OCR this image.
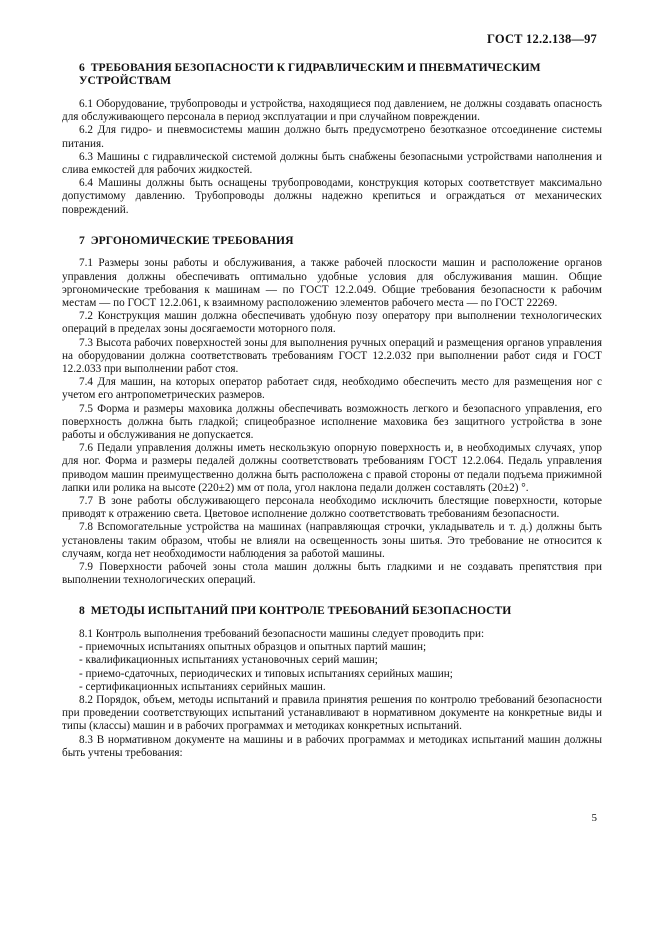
ГОСТ 12.2.138—97
6 ТРЕБОВАНИЯ БЕЗОПАСНОСТИ К ГИДРАВЛИЧЕСКИМ И ПНЕВМАТИЧЕСКИМ УСТРОЙСТВАМ

6.1 Оборудование, трубопроводы и устройства, находящиеся под давлением, не должны создавать опасность для обслуживающего персонала в период эксплуатации и при случайном повреждении.

6.2 Для гидро- и пневмосистемы машин должно быть предусмотрено безотказное отсоединение системы питания.

6.3 Машины с гидравлической системой должны быть снабжены безопасными устройствами наполнения и слива емкостей для рабочих жидкостей.

6.4 Машины должны быть оснащены трубопроводами, конструкция которых соответствует максимально допустимому давлению. Трубопроводы должны надежно крепиться и ограждаться от механических повреждений.

7 ЭРГОНОМИЧЕСКИЕ ТРЕБОВАНИЯ

7.1 Размеры зоны работы и обслуживания, а также рабочей плоскости машин и расположение органов управления должны обеспечивать оптимально удобные условия для обслуживания машин. Общие эргономические требования к машинам — по ГОСТ 12.2.049. Общие требования безопасности к рабочим местам — по ГОСТ 12.2.061, к взаимному расположению элементов рабочего места — по ГОСТ 22269.

7.2 Конструкция машин должна обеспечивать удобную позу оператору при выполнении технологических операций в пределах зоны досягаемости моторного поля.

7.3 Высота рабочих поверхностей зоны для выполнения ручных операций и размещения органов управления на оборудовании должна соответствовать требованиям ГОСТ 12.2.032 при выполнении работ сидя и ГОСТ 12.2.033 при выполнении работ стоя.

7.4 Для машин, на которых оператор работает сидя, необходимо обеспечить место для размещения ног с учетом его антропометрических размеров.

7.5 Форма и размеры маховика должны обеспечивать возможность легкого и безопасного управления, его поверхность должна быть гладкой; спицеобразное исполнение маховика без защитного устройства в зоне работы и обслуживания не допускается.

7.6 Педали управления должны иметь нескользкую опорную поверхность и, в необходимых случаях, упор для ног. Форма и размеры педалей должны соответствовать требованиям ГОСТ 12.2.064. Педаль управления приводом машин преимущественно должна быть расположена с правой стороны от педали подъема прижимной лапки или ролика на высоте (220±2) мм от пола, угол наклона педали должен составлять (20±2) °.

7.7 В зоне работы обслуживающего персонала необходимо исключить блестящие поверхности, которые приводят к отражению света. Цветовое исполнение должно соответствовать требованиям безопасности.

7.8 Вспомогательные устройства на машинах (направляющая строчки, укладыватель и т. д.) должны быть установлены таким образом, чтобы не влияли на освещенность зоны шитья. Это требование не относится к случаям, когда нет необходимости наблюдения за работой машины.

7.9 Поверхности рабочей зоны стола машин должны быть гладкими и не создавать препятствия при выполнении технологических операций.

8 МЕТОДЫ ИСПЫТАНИЙ ПРИ КОНТРОЛЕ ТРЕБОВАНИЙ БЕЗОПАСНОСТИ

8.1 Контроль выполнения требований безопасности машины следует проводить при:

- приемочных испытаниях опытных образцов и опытных партий машин;
- квалификационных испытаниях установочных серий машин;
- приемо-сдаточных, периодических и типовых испытаниях серийных машин;
- сертификационных испытаниях серийных машин.

8.2 Порядок, объем, методы испытаний и правила принятия решения по контролю требований безопасности при проведении соответствующих испытаний устанавливают в нормативном документе на конкретные виды и типы (классы) машин и в рабочих программах и методиках конкретных испытаний.

8.3 В нормативном документе на машины и в рабочих программах и методиках испытаний машин должны быть учтены требования:

5
